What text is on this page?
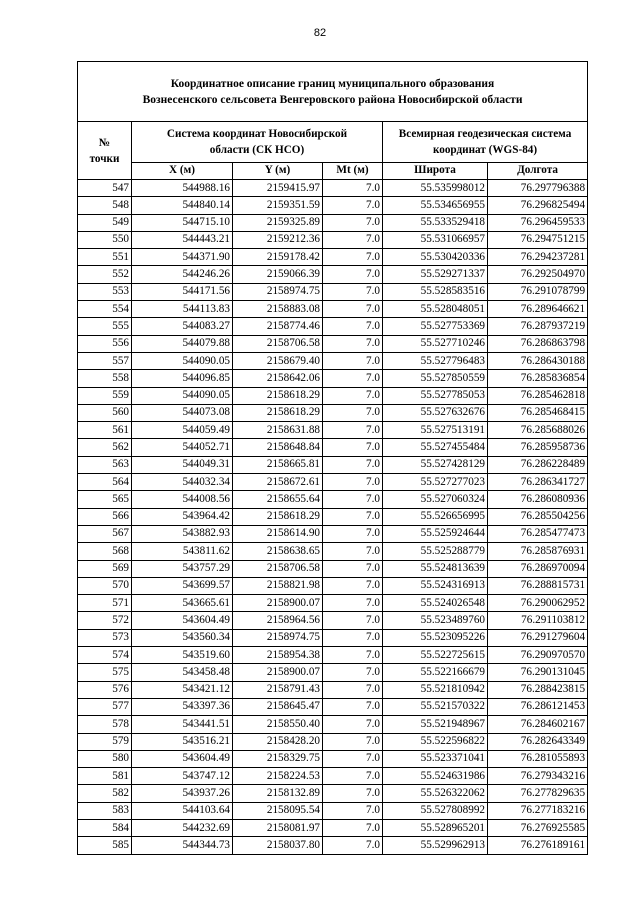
82
Координатное описание границ муниципального образования
Вознесенского сельсовета Венгеровского района Новосибирской области					

№
точки	Система координат Новосибирской
области (СК НСО)			Всемирная геодезическая система
координат (WGS-84)	

	X (м)	Y (м)	Mt (м)	Широта	Долгота
547	544988.16	2159415.97	7.0	55.535998012	76.297796388
548	544840.14	2159351.59	7.0	55.534656955	76.296825494
549	544715.10	2159325.89	7.0	55.533529418	76.296459533
550	544443.21	2159212.36	7.0	55.531066957	76.294751215
551	544371.90	2159178.42	7.0	55.530420336	76.294237281
552	544246.26	2159066.39	7.0	55.529271337	76.292504970
553	544171.56	2158974.75	7.0	55.528583516	76.291078799
554	544113.83	2158883.08	7.0	55.528048051	76.289646621
555	544083.27	2158774.46	7.0	55.527753369	76.287937219
556	544079.88	2158706.58	7.0	55.527710246	76.286863798
557	544090.05	2158679.40	7.0	55.527796483	76.286430188
558	544096.85	2158642.06	7.0	55.527850559	76.285836854
559	544090.05	2158618.29	7.0	55.527785053	76.285462818
560	544073.08	2158618.29	7.0	55.527632676	76.285468415
561	544059.49	2158631.88	7.0	55.527513191	76.285688026
562	544052.71	2158648.84	7.0	55.527455484	76.285958736
563	544049.31	2158665.81	7.0	55.527428129	76.286228489
564	544032.34	2158672.61	7.0	55.527277023	76.286341727
565	544008.56	2158655.64	7.0	55.527060324	76.286080936
566	543964.42	2158618.29	7.0	55.526656995	76.285504256
567	543882.93	2158614.90	7.0	55.525924644	76.285477473
568	543811.62	2158638.65	7.0	55.525288779	76.285876931
569	543757.29	2158706.58	7.0	55.524813639	76.286970094
570	543699.57	2158821.98	7.0	55.524316913	76.288815731
571	543665.61	2158900.07	7.0	55.524026548	76.290062952
572	543604.49	2158964.56	7.0	55.523489760	76.291103812
573	543560.34	2158974.75	7.0	55.523095226	76.291279604
574	543519.60	2158954.38	7.0	55.522725615	76.290970570
575	543458.48	2158900.07	7.0	55.522166679	76.290131045
576	543421.12	2158791.43	7.0	55.521810942	76.288423815
577	543397.36	2158645.47	7.0	55.521570322	76.286121453
578	543441.51	2158550.40	7.0	55.521948967	76.284602167
579	543516.21	2158428.20	7.0	55.522596822	76.282643349
580	543604.49	2158329.75	7.0	55.523371041	76.281055893
581	543747.12	2158224.53	7.0	55.524631986	76.279343216
582	543937.26	2158132.89	7.0	55.526322062	76.277829635
583	544103.64	2158095.54	7.0	55.527808992	76.277183216
584	544232.69	2158081.97	7.0	55.528965201	76.276925585
585	544344.73	2158037.80	7.0	55.529962913	76.276189161
